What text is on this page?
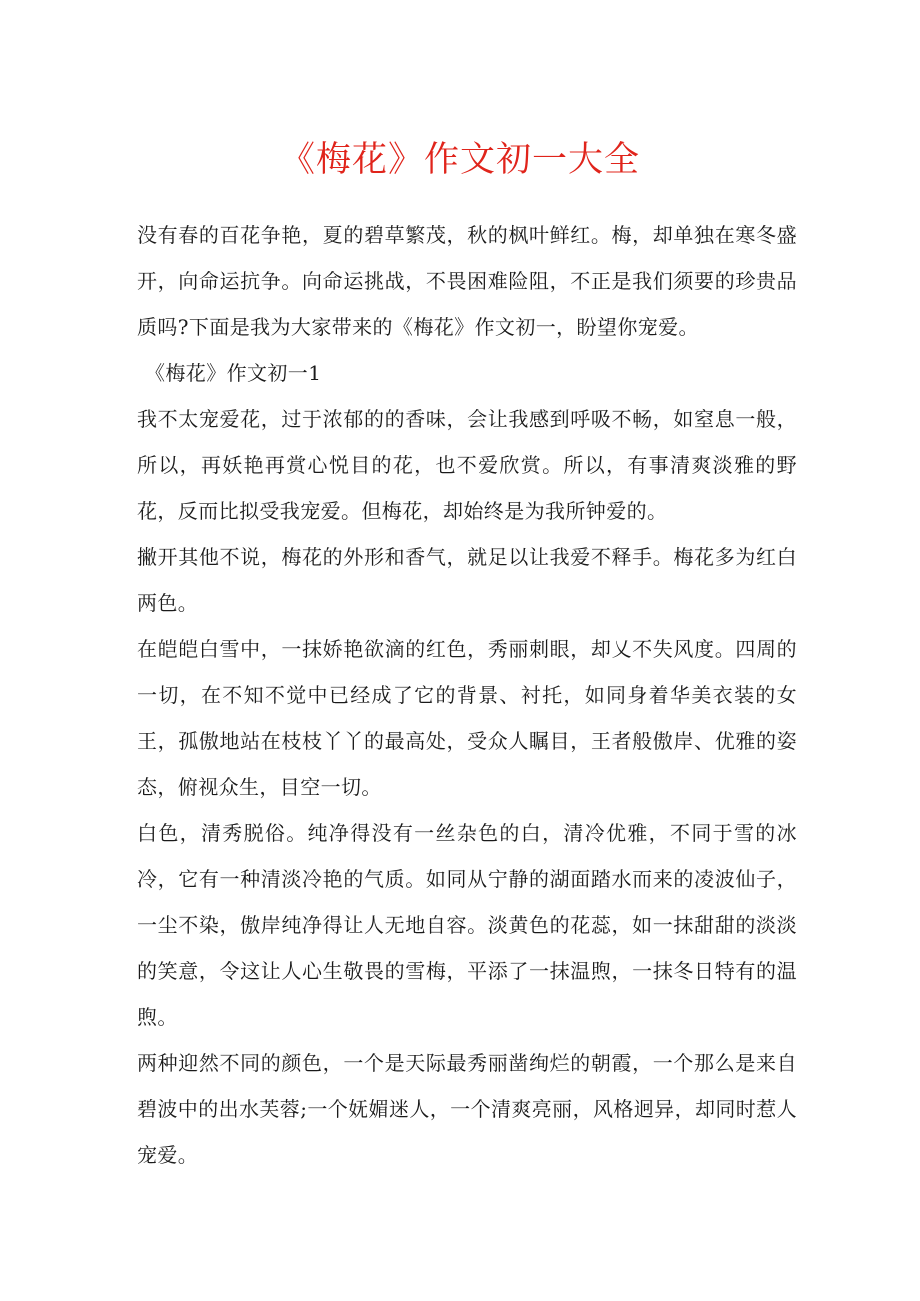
《梅花》作文初一大全

没有春的百花争艳，夏的碧草繁茂，秋的枫叶鲜红。梅，却单独在寒冬盛开，向命运抗争。向命运挑战，不畏困难险阻，不正是我们须要的珍贵品质吗?下面是我为大家带来的《梅花》作文初一，盼望你宠爱。

《梅花》作文初一1

我不太宠爱花，过于浓郁的的香味，会让我感到呼吸不畅，如窒息一般，所以，再妖艳再赏心悦目的花，也不爱欣赏。所以，有事清爽淡雅的野花，反而比拟受我宠爱。但梅花，却始终是为我所钟爱的。

撇开其他不说，梅花的外形和香气，就足以让我爱不释手。梅花多为红白两色。

在皑皑白雪中，一抹娇艳欲滴的红色，秀丽刺眼，却乂不失风度。四周的一切，在不知不觉中已经成了它的背景、衬托，如同身着华美衣装的女王，孤傲地站在枝枝丫丫的最高处，受众人瞩目，王者般傲岸、优雅的姿态，俯视众生，目空一切。

白色，清秀脱俗。纯净得没有一丝杂色的白，清冷优雅，不同于雪的冰冷，它有一种清淡冷艳的气质。如同从宁静的湖面踏水而来的凌波仙子，一尘不染，傲岸纯净得让人无地自容。淡黄色的花蕊，如一抹甜甜的淡淡的笑意，令这让人心生敬畏的雪梅，平添了一抹温煦，一抹冬日特有的温煦。

两种迎然不同的颜色，一个是天际最秀丽凿绚烂的朝霞，一个那么是来自碧波中的出水芙蓉;一个妩媚迷人，一个清爽亮丽，风格迥异，却同时惹人宠爱。
